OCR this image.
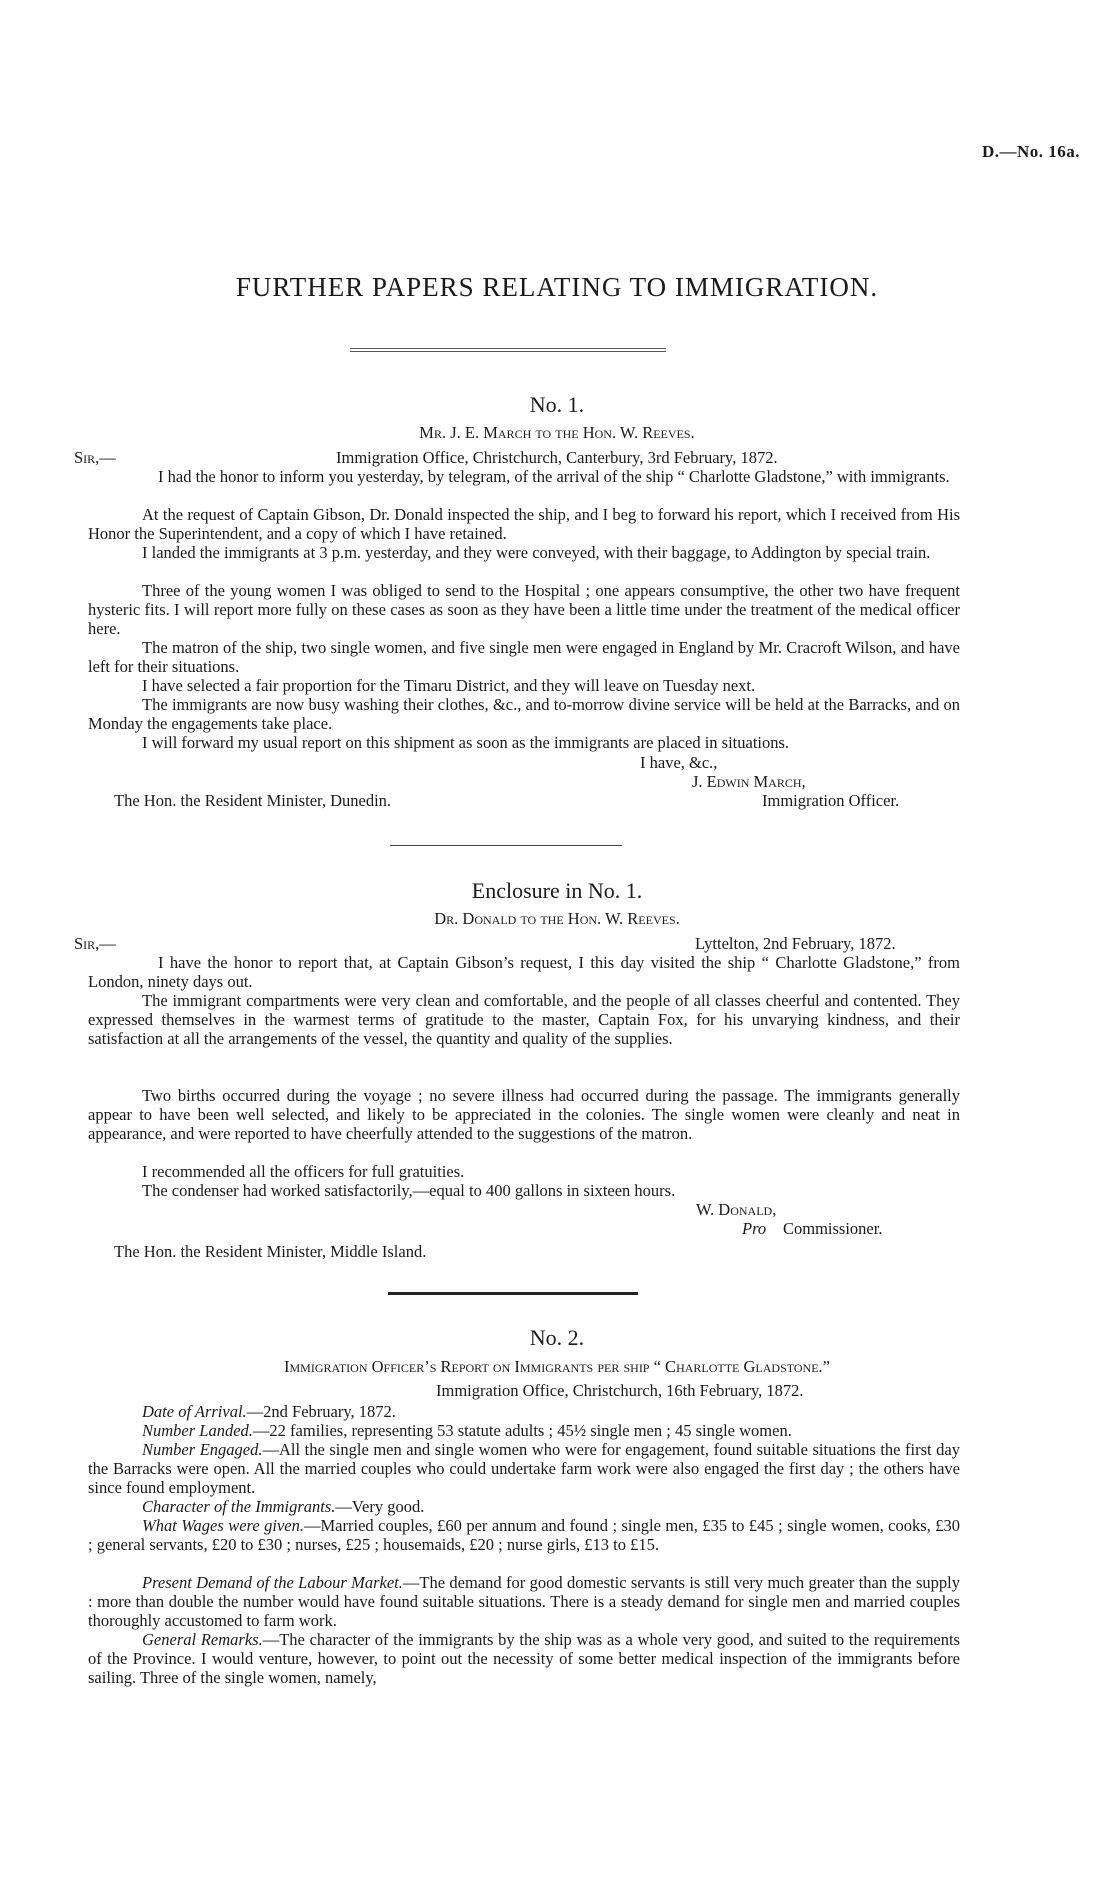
D.—No. 16a.
FURTHER PAPERS RELATING TO IMMIGRATION.
No. 1.
Mr. J. E. March to the Hon. W. Reeves.
Sir,—	Immigration Office, Christchurch, Canterbury, 3rd February, 1872.

I had the honor to inform you yesterday, by telegram, of the arrival of the ship “ Charlotte Gladstone,” with immigrants.

At the request of Captain Gibson, Dr. Donald inspected the ship, and I beg to forward his report, which I received from His Honor the Superintendent, and a copy of which I have retained.

I landed the immigrants at 3 p.m. yesterday, and they were conveyed, with their baggage, to Addington by special train.

Three of the young women I was obliged to send to the Hospital ; one appears consumptive, the other two have frequent hysteric fits. I will report more fully on these cases as soon as they have been a little time under the treatment of the medical officer here.

The matron of the ship, two single women, and five single men were engaged in England by Mr. Cracroft Wilson, and have left for their situations.

I have selected a fair proportion for the Timaru District, and they will leave on Tuesday next.

The immigrants are now busy washing their clothes, &c., and to-morrow divine service will be held at the Barracks, and on Monday the engagements take place.

I will forward my usual report on this shipment as soon as the immigrants are placed in situations.

I have, &c.,
J. Edwin March,
The Hon. the Resident Minister, Dunedin.	Immigration Officer.
Enclosure in No. 1.
Dr. Donald to the Hon. W. Reeves.
Sir,—	Lyttelton, 2nd February, 1872.

I have the honor to report that, at Captain Gibson’s request, I this day visited the ship “ Charlotte Gladstone,” from London, ninety days out.

The immigrant compartments were very clean and comfortable, and the people of all classes cheerful and contented. They expressed themselves in the warmest terms of gratitude to the master, Captain Fox, for his unvarying kindness, and their satisfaction at all the arrangements of the vessel, the quantity and quality of the supplies.

Two births occurred during the voyage ; no severe illness had occurred during the passage. The immigrants generally appear to have been well selected, and likely to be appreciated in the colonies. The single women were cleanly and neat in appearance, and were reported to have cheerfully attended to the suggestions of the matron.

I recommended all the officers for full gratuities.

The condenser had worked satisfactorily,—equal to 400 gallons in sixteen hours.

W. Donald,
Pro Commissioner.
The Hon. the Resident Minister, Middle Island.
No. 2.
Immigration Officer’s Report on Immigrants per ship “ Charlotte Gladstone.”
Immigration Office, Christchurch, 16th February, 1872.

Date of Arrival.—2nd February, 1872.

Number Landed.—22 families, representing 53 statute adults ; 45½ single men ; 45 single women.

Number Engaged.—All the single men and single women who were for engagement, found suitable situations the first day the Barracks were open. All the married couples who could undertake farm work were also engaged the first day ; the others have since found employment.

Character of the Immigrants.—Very good.

What Wages were given.—Married couples, £60 per annum and found ; single men, £35 to £45 ; single women, cooks, £30 ; general servants, £20 to £30 ; nurses, £25 ; housemaids, £20 ; nurse girls, £13 to £15.

Present Demand of the Labour Market.—The demand for good domestic servants is still very much greater than the supply : more than double the number would have found suitable situations. There is a steady demand for single men and married couples thoroughly accustomed to farm work.

General Remarks.—The character of the immigrants by the ship was as a whole very good, and suited to the requirements of the Province. I would venture, however, to point out the necessity of some better medical inspection of the immigrants before sailing. Three of the single women, namely,
